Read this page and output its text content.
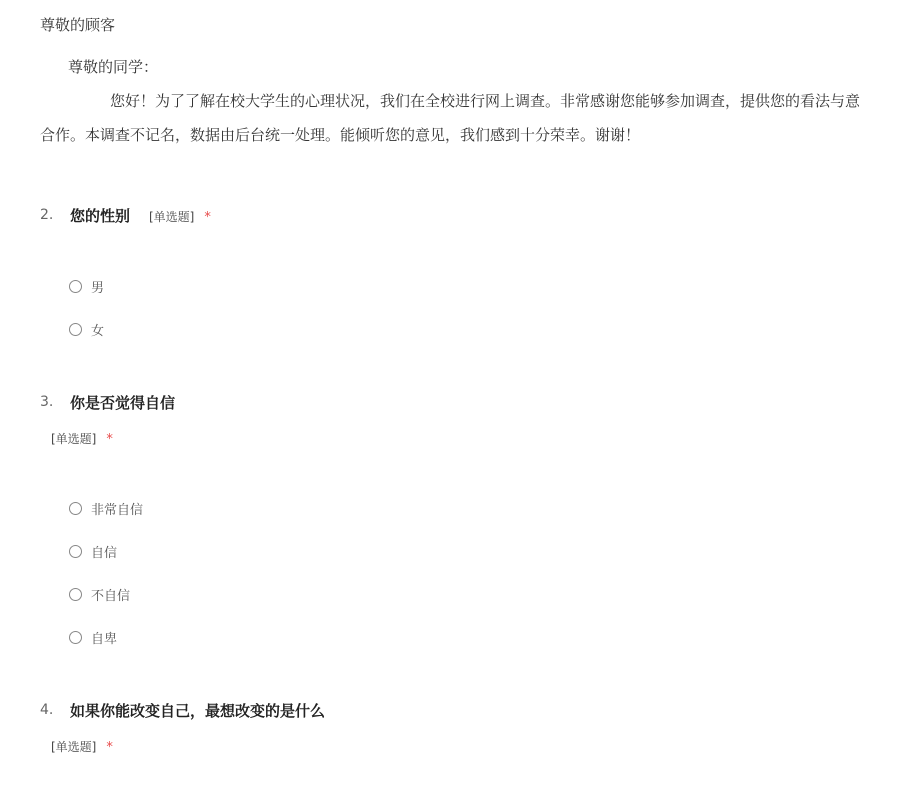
尊敬的顾客
尊敬的同学：
您好！为了了解在校大学生的心理状况，我们在全校进行网上调查。非常感谢您能够参加调查，提供您的看法与意
合作。本调查不记名，数据由后台统一处理。能倾听您的意见，我们感到十分荣幸。谢谢！
2. 您的性别 [单选题] *
男
女
3. 你是否觉得自信
[单选题] *
非常自信
自信
不自信
自卑
4. 如果你能改变自己，最想改变的是什么
[单选题] *
